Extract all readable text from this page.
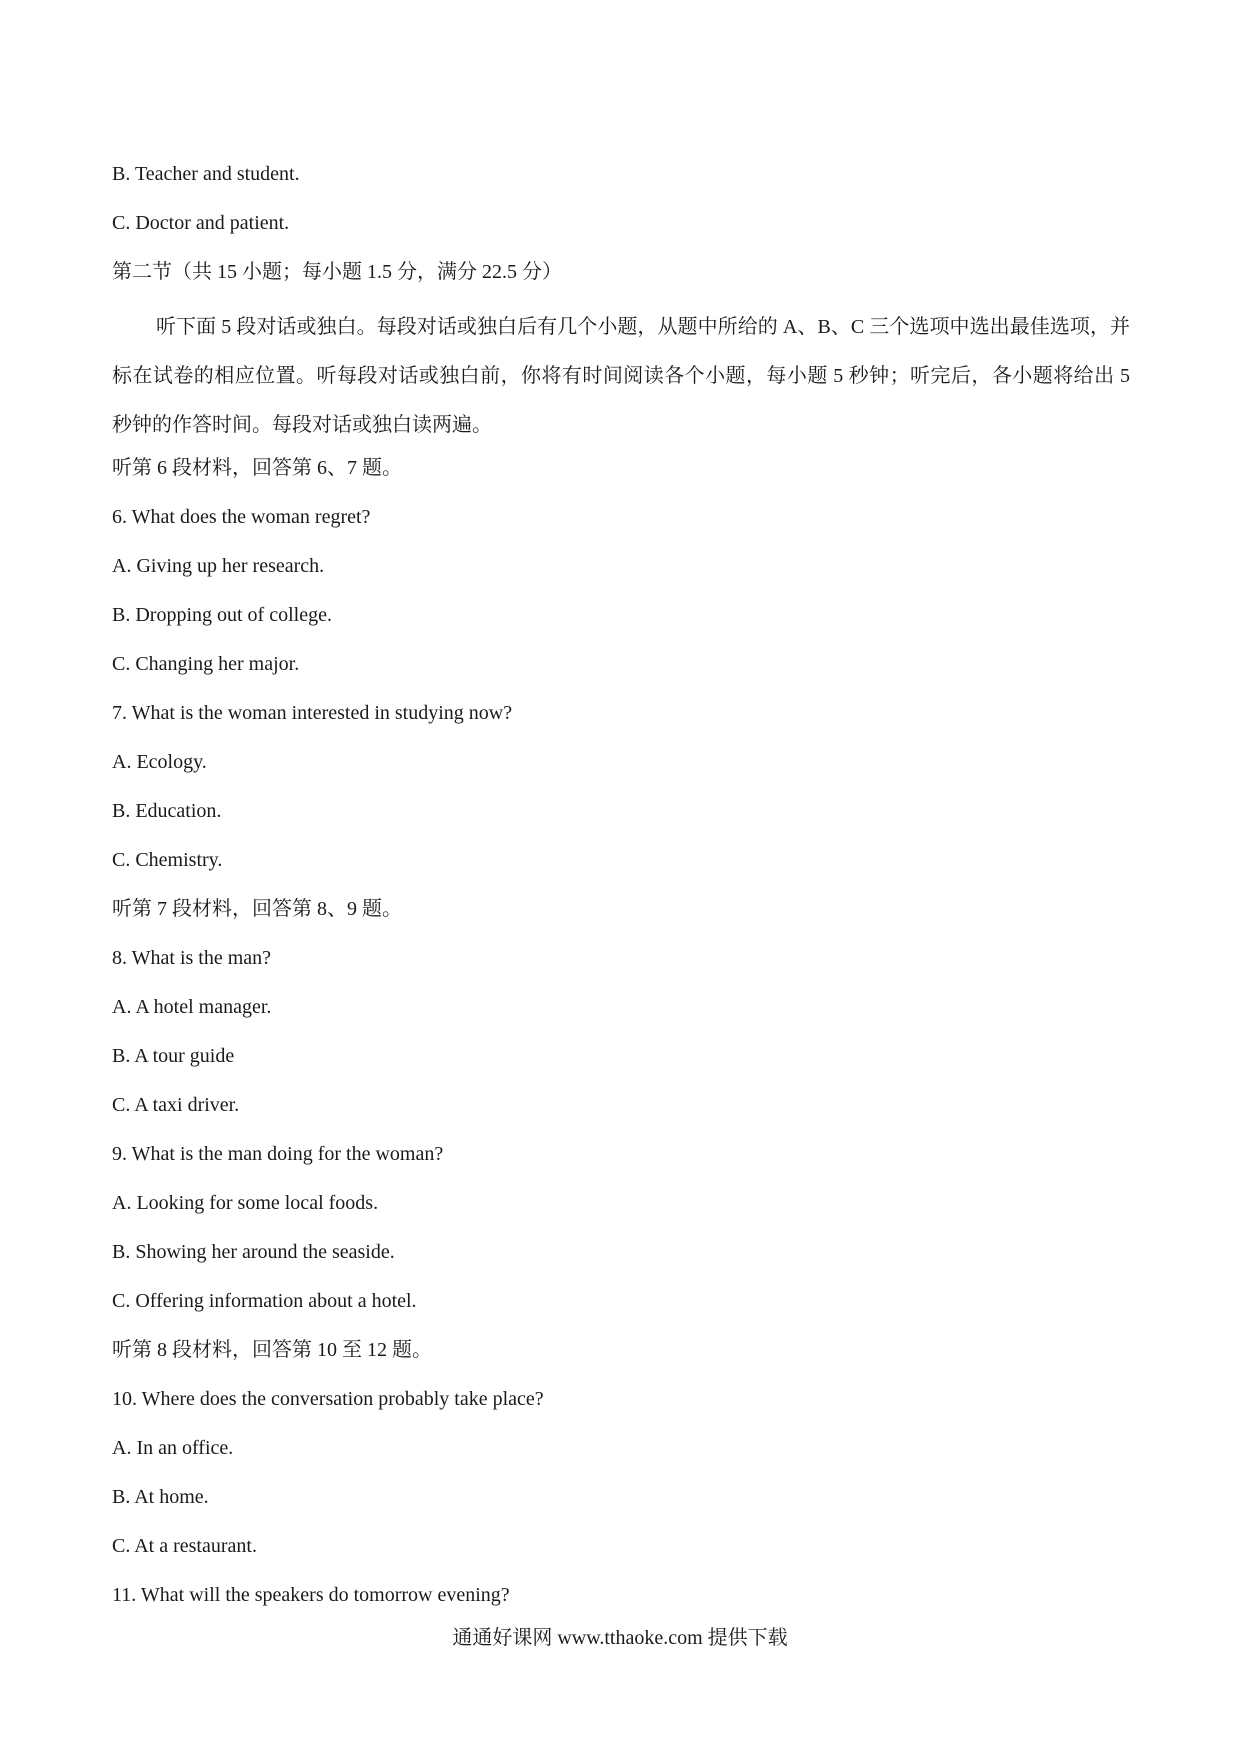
B. Teacher and student.
C. Doctor and patient.
第二节（共 15 小题；每小题 1.5 分，满分 22.5 分）

听下面 5 段对话或独白。每段对话或独白后有几个小题，从题中所给的 A、B、C 三个选项中选出最佳选项，并标在试卷的相应位置。听每段对话或独白前，你将有时间阅读各个小题，每小题 5 秒钟；听完后，各小题将给出 5 秒钟的作答时间。每段对话或独白读两遍。

听第 6 段材料，回答第 6、7 题。
6. What does the woman regret?
A. Giving up her research.
B. Dropping out of college.
C. Changing her major.
7. What is the woman interested in studying now?
A. Ecology.
B. Education.
C. Chemistry.
听第 7 段材料，回答第 8、9 题。
8. What is the man?
A. A hotel manager.
B. A tour guide
C. A taxi driver.
9. What is the man doing for the woman?
A. Looking for some local foods.
B. Showing her around the seaside.
C. Offering information about a hotel.
听第 8 段材料，回答第 10 至 12 题。
10. Where does the conversation probably take place?
A. In an office.
B. At home.
C. At a restaurant.
11. What will the speakers do tomorrow evening?
通通好课网 www.tthaoke.com 提供下载
